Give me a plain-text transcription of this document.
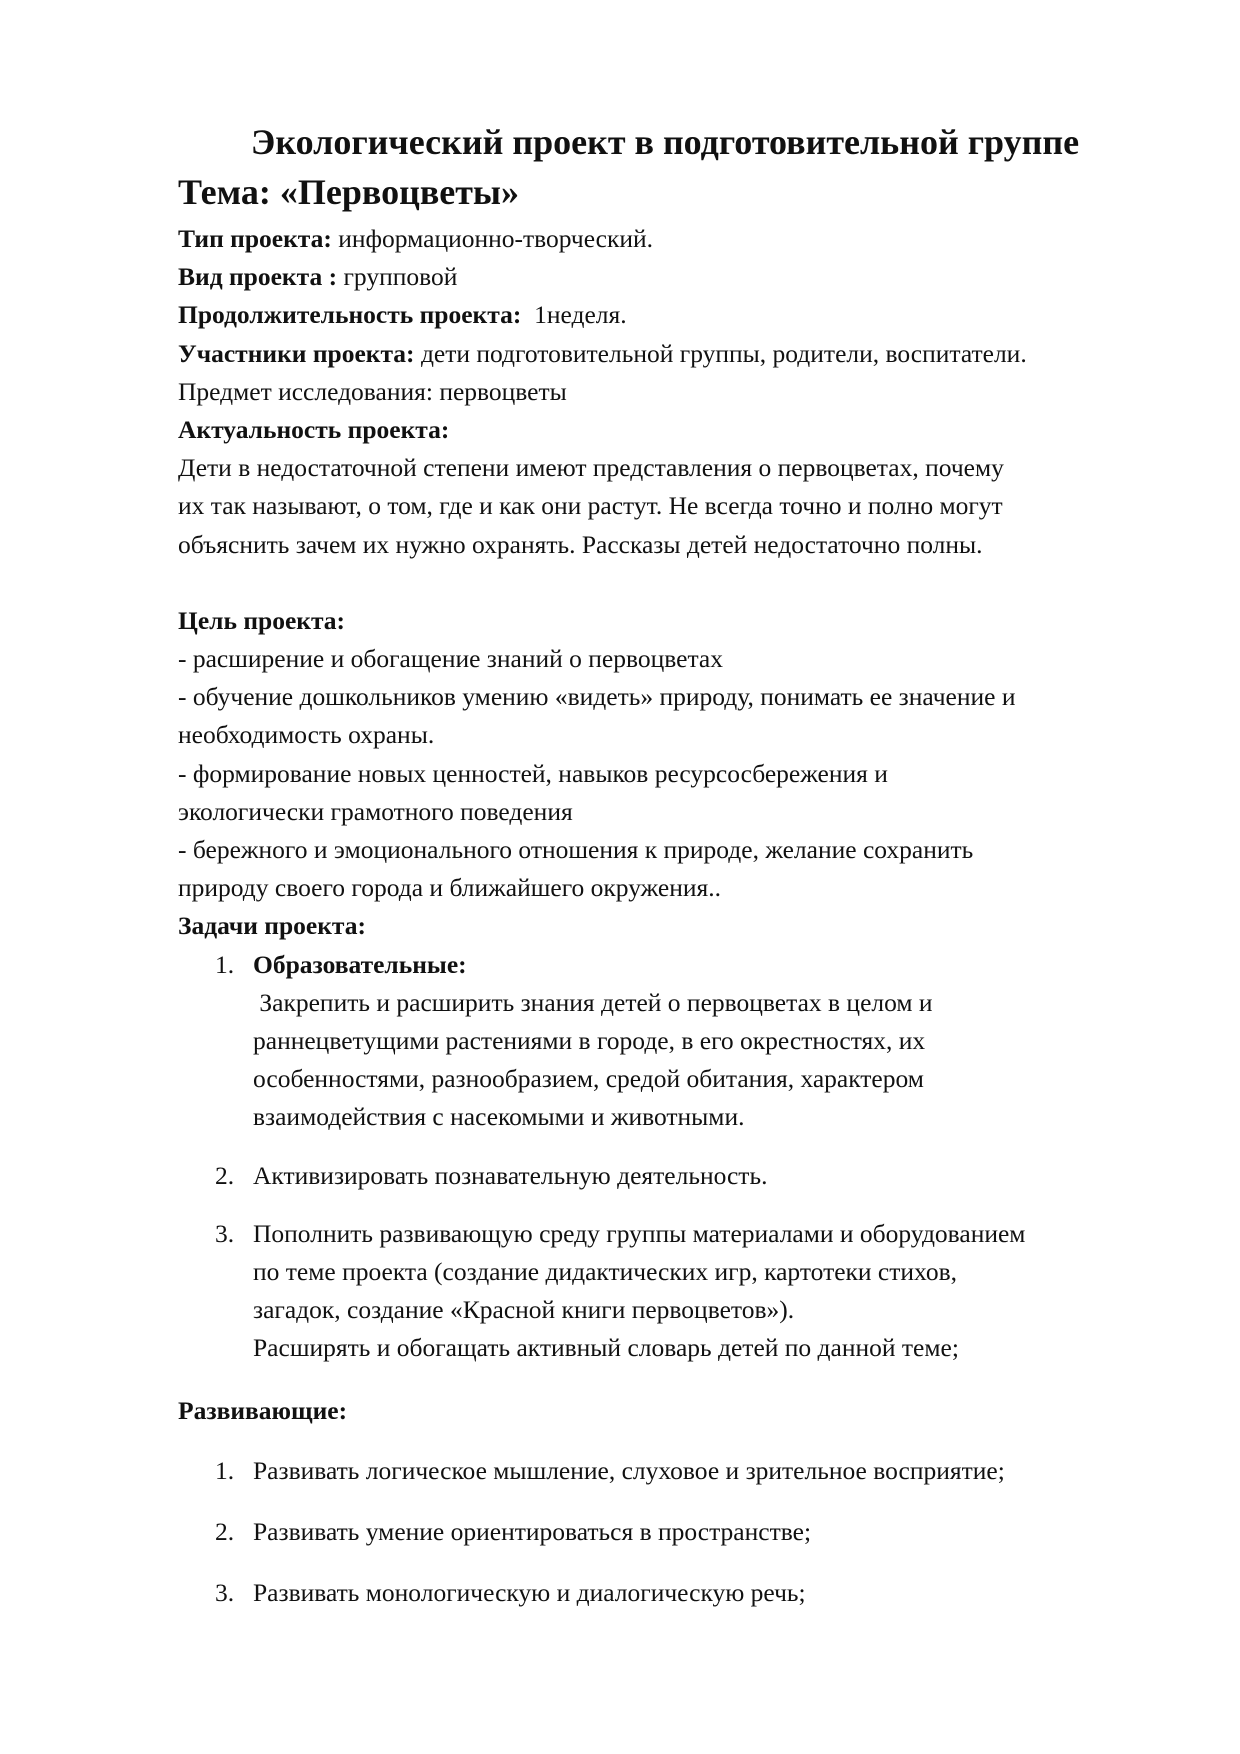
Экологический проект в подготовительной группе
Тема: «Первоцветы»

Тип проекта: информационно-творческий.

Вид проекта : групповой

Продолжительность проекта:  1неделя.

Участники проекта: дети подготовительной группы, родители, воспитатели.

Предмет исследования: первоцветы

Актуальность проекта:

Дети в недостаточной степени имеют представления о первоцветах, почему

их так называют, о том, где и как они растут. Не всегда точно и полно могут

объяснить зачем их нужно охранять. Рассказы детей недостаточно полны.

Цель проекта:

- расширение и обогащение знаний о первоцветах

- обучение дошкольников умению «видеть» природу, понимать ее значение и

необходимость охраны.

- формирование новых ценностей, навыков ресурсосбережения и

экологически грамотного поведения

- бережного и эмоционального отношения к природе, желание сохранить

природу своего города и ближайшего окружения..

Задачи проекта:

1. Образовательные:

Закрепить и расширить знания детей о первоцветах в целом и

раннецветущими растениями в городе, в его окрестностях, их

особенностями, разнообразием, средой обитания, характером

взаимодействия с насекомыми и животными.

2. Активизировать познавательную деятельность.

3. Пополнить развивающую среду группы материалами и оборудованием

по теме проекта (создание дидактических игр, картотеки стихов,

загадок, создание «Красной книги первоцветов»).

Расширять и обогащать активный словарь детей по данной теме;

Развивающие:

1. Развивать логическое мышление, слуховое и зрительное восприятие;

2. Развивать умение ориентироваться в пространстве;

3. Развивать монологическую и диалогическую речь;
